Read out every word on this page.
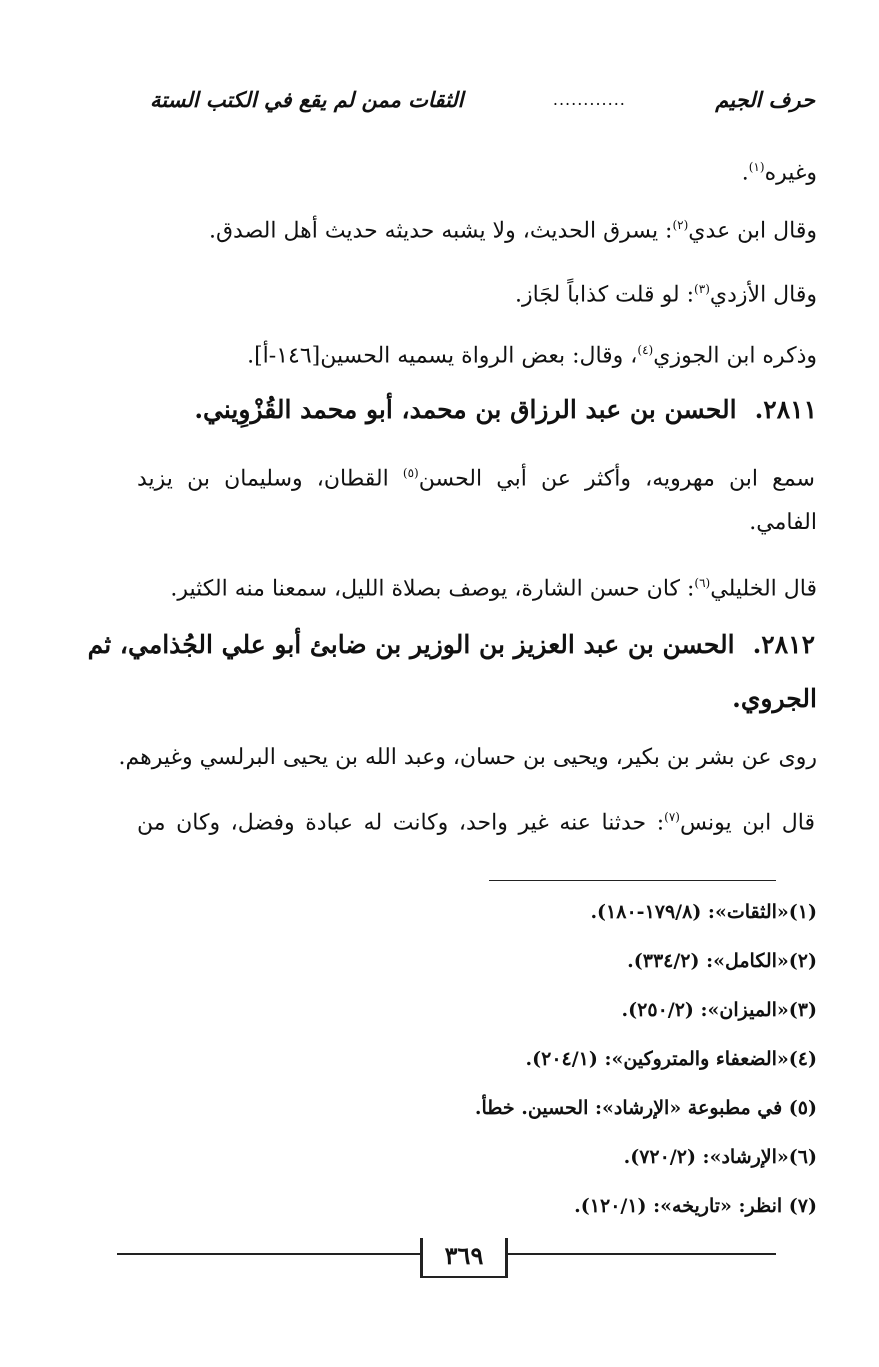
حرف الجيم
............
الثقات ممن لم يقع في الكتب الستة
وغيره$^{(١)}$.
وقال ابن عدي$^{(٢)}$: يسرق الحديث، ولا يشبه حديثه حديث أهل الصدق.
وقال الأزدي$^{(٣)}$: لو قلت كذاباً لجَاز.
وذكره ابن الجوزي$^{(٤)}$، وقال: بعض الرواة يسميه الحسين[١٤٦-أ].
٢٨١١.الحسن بن عبد الرزاق بن محمد، أبو محمد القُزْوِيني.
سمع ابن مهرويه، وأكثر عن أبي الحسن$^{(٥)}$ القطان، وسليمان بن يزيد
الفامي.
قال الخليلي$^{(٦)}$: كان حسن الشارة، يوصف بصلاة الليل، سمعنا منه الكثير.
٢٨١٢.الحسن بن عبد العزيز بن الوزير بن ضابئ أبو علي الجُذامي، ثم
الجروي.
روى عن بشر بن بكير، ويحيى بن حسان، وعبد الله بن يحيى البرلسي وغيرهم.
قال ابن يونس$^{(٧)}$: حدثنا عنه غير واحد، وكانت له عبادة وفضل، وكان من
(١)«الثقات»: (١٧٩/٨-١٨٠).
(٢)«الكامل»: (٣٣٤/٢).
(٣)«الميزان»: (٢٥٠/٢).
(٤)«الضعفاء والمتروكين»: (٢٠٤/١).
(٥) في مطبوعة «الإرشاد»: الحسين. خطأ.
(٦)«الإرشاد»: (٧٢٠/٢).
(٧) انظر: «تاريخه»: (١٢٠/١).
٣٦٩
